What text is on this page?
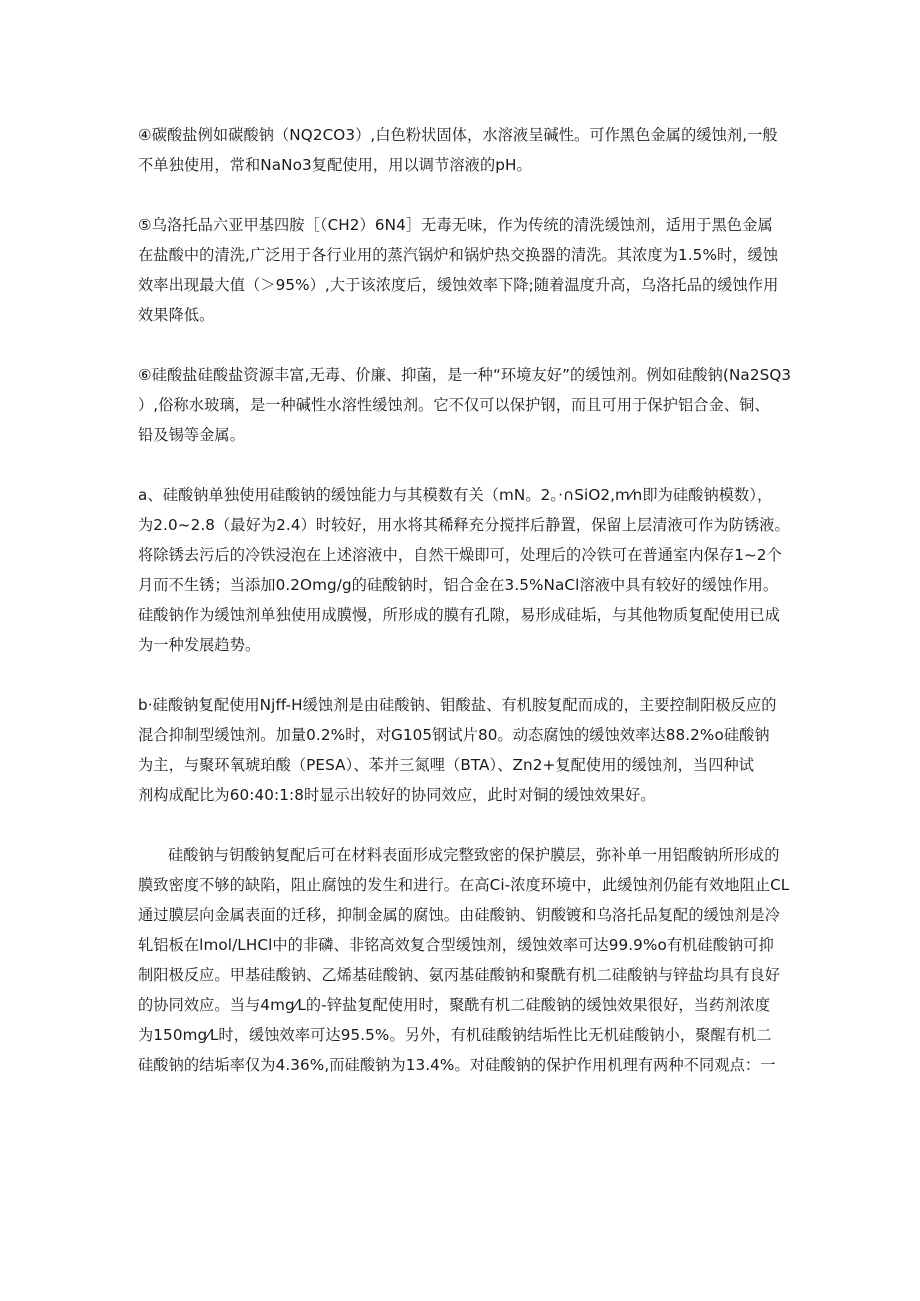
④碳酸盐例如碳酸钠（NQ2CO3）,白色粉状固体，水溶液呈碱性。可作黑色金属的缓蚀剂,一般
不单独使用，常和NaNo3复配使用，用以调节溶液的pH。

⑤乌洛托品六亚甲基四胺［（CH2）6N4］无毒无味，作为传统的清洗缓蚀剂，适用于黑色金属
在盐酸中的清洗,广泛用于各行业用的蒸汽锅炉和锅炉热交换器的清洗。其浓度为1.5%时，缓蚀
效率出现最大值（＞95%）,大于该浓度后，缓蚀效率下降;随着温度升高，乌洛托品的缓蚀作用
效果降低。

⑥硅酸盐硅酸盐资源丰富,无毒、价廉、抑菌，是一种“环境友好”的缓蚀剂。例如硅酸钠(Na2SQ3
）,俗称水玻璃，是一种碱性水溶性缓蚀剂。它不仅可以保护钢，而且可用于保护铝合金、铜、
铅及锡等金属。

a、硅酸钠单独使用硅酸钠的缓蚀能力与其模数有关（mN。2。·∩SiO2,m⁄n即为硅酸钠模数），
为2.0~2.8（最好为2.4）时较好，用水将其稀释充分搅拌后静置，保留上层清液可作为防锈液。
将除锈去污后的冷铁浸泡在上述溶液中，自然干燥即可，处理后的冷铁可在普通室内保存1~2个
月而不生锈；当添加0.2Omg/g的硅酸钠时，铝合金在3.5%NaCl溶液中具有较好的缓蚀作用。
硅酸钠作为缓蚀剂单独使用成膜慢，所形成的膜有孔隙，易形成硅垢，与其他物质复配使用已成
为一种发展趋势。

b·硅酸钠复配使用Njff-H缓蚀剂是由硅酸钠、钼酸盐、有机胺复配而成的，主要控制阳极反应的
混合抑制型缓蚀剂。加量0.2%时，对G105钢试片80。动态腐蚀的缓蚀效率达88.2%o硅酸钠
为主，与聚环氧琥珀酸（PESA）、苯并三氮哩（BTA）、Zn2+复配使用的缓蚀剂，当四种试
剂构成配比为60:40:1:8时显示出较好的协同效应，此时对铜的缓蚀效果好。

硅酸钠与钥酸钠复配后可在材料表面形成完整致密的保护膜层，弥补单一用铝酸钠所形成的
膜致密度不够的缺陷，阻止腐蚀的发生和进行。在高Ci-浓度环境中，此缓蚀剂仍能有效地阻止CL
通过膜层向金属表面的迁移，抑制金属的腐蚀。由硅酸钠、钥酸镀和乌洛托品复配的缓蚀剂是冷
轧铝板在lmol/LHCl中的非磷、非铭高效复合型缓蚀剂，缓蚀效率可达99.9%o有机硅酸钠可抑
制阳极反应。甲基硅酸钠、乙烯基硅酸钠、氨丙基硅酸钠和聚酰有机二硅酸钠与锌盐均具有良好
的协同效应。当与4mg⁄L的-锌盐复配使用时，聚酰有机二硅酸钠的缓蚀效果很好，当药剂浓度
为150mg⁄L时，缓蚀效率可达95.5%。另外，有机硅酸钠结垢性比无机硅酸钠小，聚醒有机二
硅酸钠的结垢率仅为4.36%,而硅酸钠为13.4%。对硅酸钠的保护作用机理有两种不同观点：一
